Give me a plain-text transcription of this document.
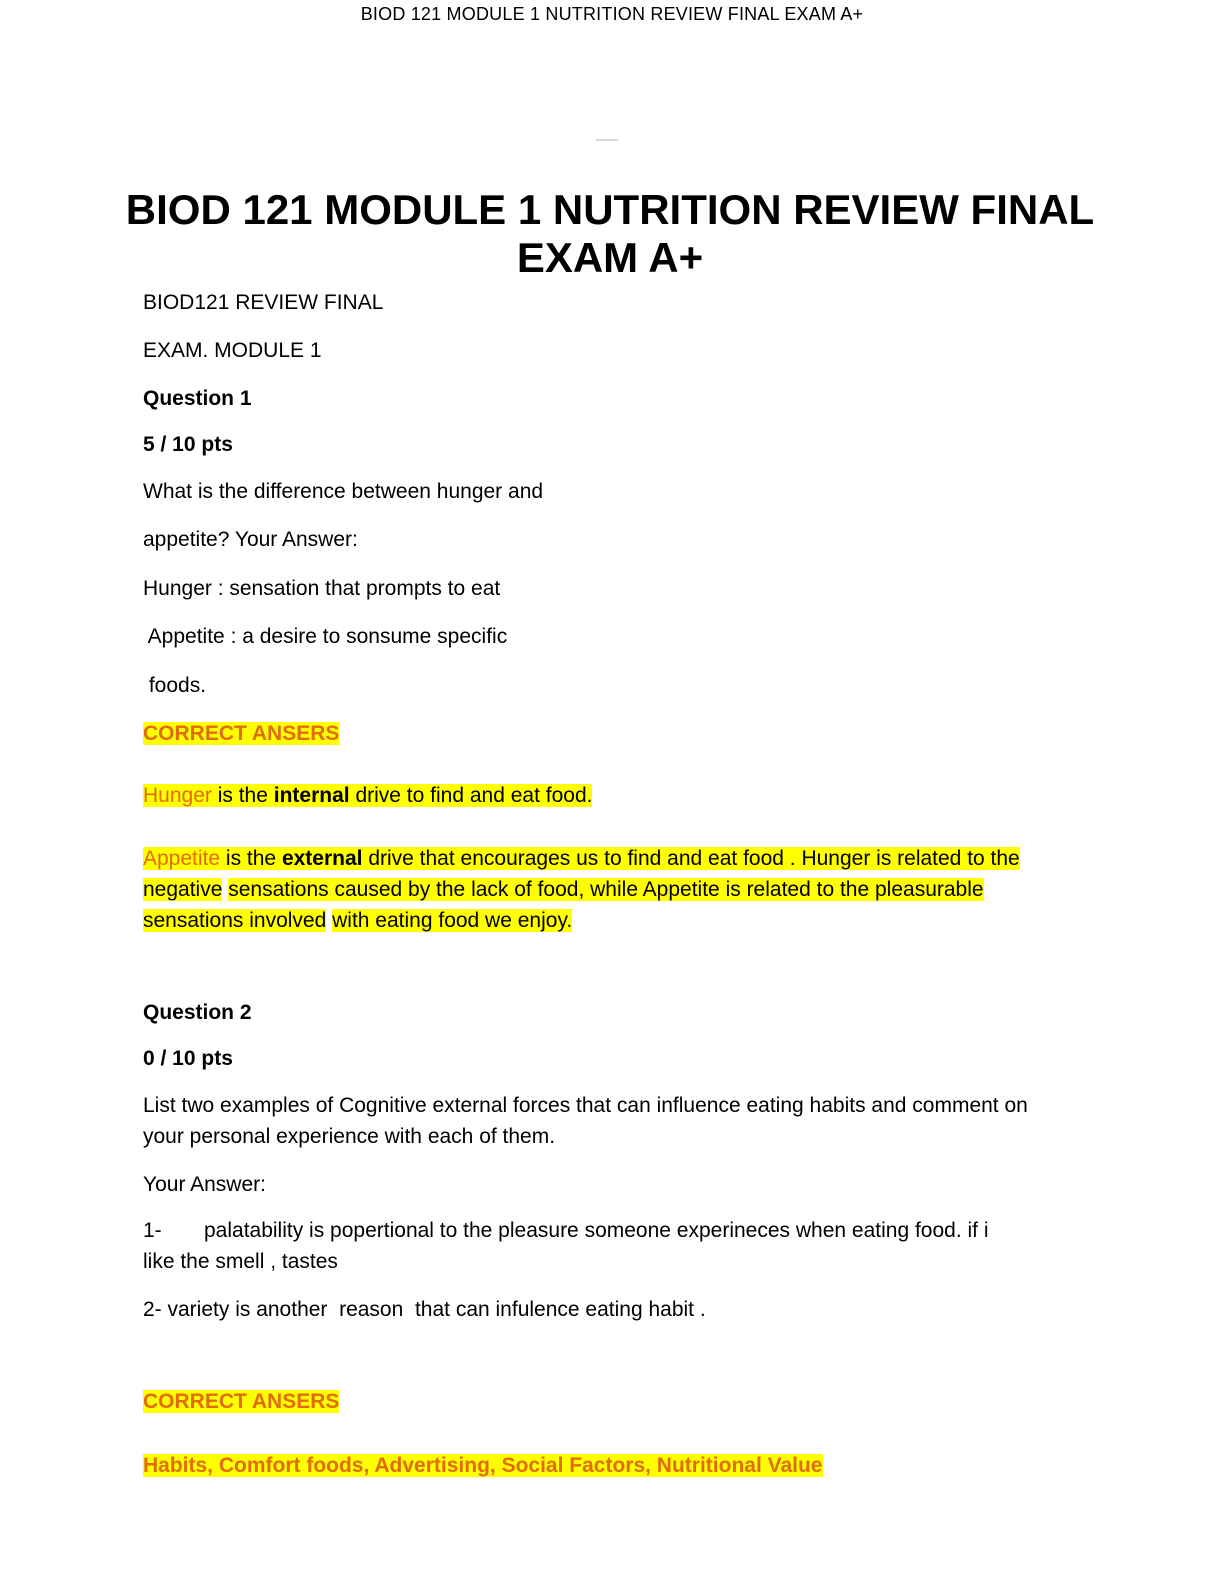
BIOD 121 MODULE 1 NUTRITION REVIEW FINAL EXAM A+
BIOD 121 MODULE 1 NUTRITION REVIEW FINAL
EXAM A+
BIOD121 REVIEW FINAL
EXAM. MODULE 1
Question 1
5 / 10 pts
What is the difference between hunger and
appetite? Your Answer:
Hunger : sensation that prompts to eat
Appetite : a desire to sonsume specific
foods.
CORRECT ANSERS
Hunger is the internal drive to find and eat food.
Appetite is the external drive that encourages us to find and eat food . Hunger is related to the
negative sensations caused by the lack of food, while Appetite is related to the pleasurable
sensations involved with eating food we enjoy.
Question 2
0 / 10 pts
List two examples of Cognitive external forces that can influence eating habits and comment on
your personal experience with each of them.
Your Answer:
1- palatability is popertional to the pleasure someone experineces when eating food. if i
like the smell , tastes
2- variety is another  reason  that can infulence eating habit .
CORRECT ANSERS
Habits, Comfort foods, Advertising, Social Factors, Nutritional Value
